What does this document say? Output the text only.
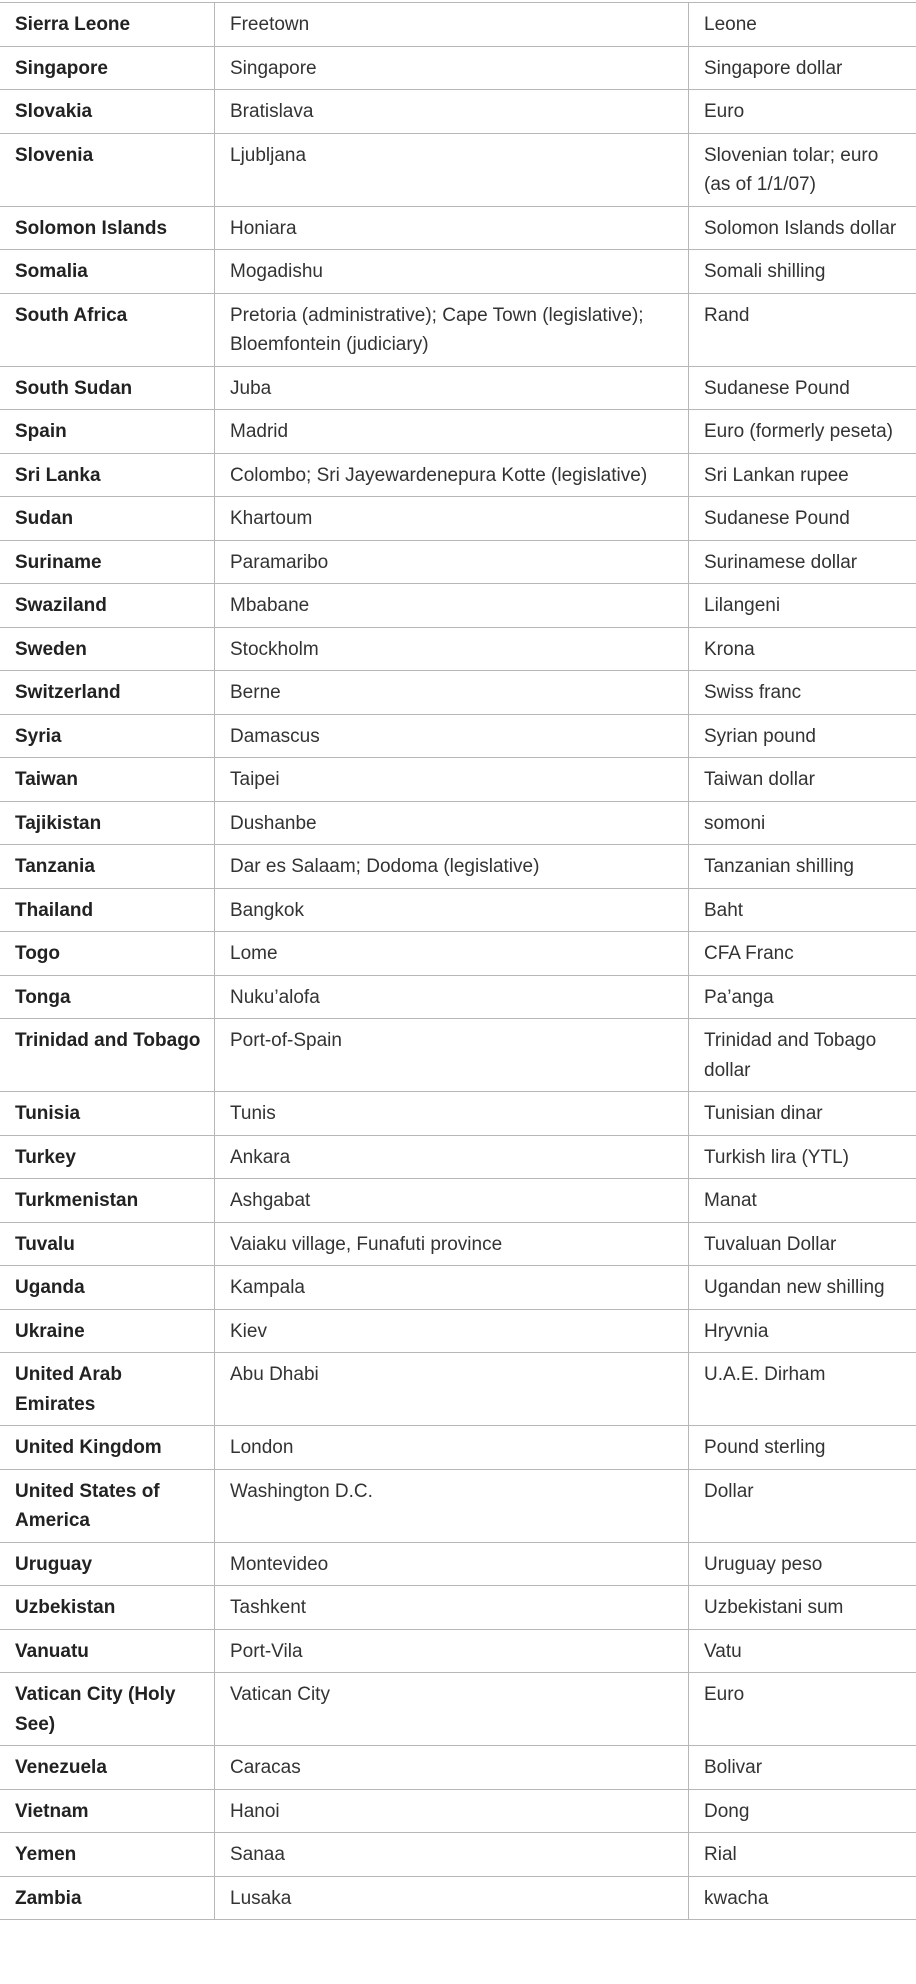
Sierra Leone	Freetown	Leone
Singapore	Singapore	Singapore dollar
Slovakia	Bratislava	Euro
Slovenia	Ljubljana	Slovenian tolar; euro (as of 1/1/07)
Solomon Islands	Honiara	Solomon Islands dollar
Somalia	Mogadishu	Somali shilling
South Africa	Pretoria (administrative); Cape Town (legislative); Bloemfontein (judiciary)	Rand
South Sudan	Juba	Sudanese Pound
Spain	Madrid	Euro (formerly peseta)
Sri Lanka	Colombo; Sri Jayewardenepura Kotte (legislative)	Sri Lankan rupee
Sudan	Khartoum	Sudanese Pound
Suriname	Paramaribo	Surinamese dollar
Swaziland	Mbabane	Lilangeni
Sweden	Stockholm	Krona
Switzerland	Berne	Swiss franc
Syria	Damascus	Syrian pound
Taiwan	Taipei	Taiwan dollar
Tajikistan	Dushanbe	somoni
Tanzania	Dar es Salaam; Dodoma (legislative)	Tanzanian shilling
Thailand	Bangkok	Baht
Togo	Lome	CFA Franc
Tonga	Nuku’alofa	Pa’anga
Trinidad and Tobago	Port-of-Spain	Trinidad and Tobago dollar
Tunisia	Tunis	Tunisian dinar
Turkey	Ankara	Turkish lira (YTL)
Turkmenistan	Ashgabat	Manat
Tuvalu	Vaiaku village, Funafuti province	Tuvaluan Dollar
Uganda	Kampala	Ugandan new shilling
Ukraine	Kiev	Hryvnia
United Arab Emirates	Abu Dhabi	U.A.E. Dirham
United Kingdom	London	Pound sterling
United States of America	Washington D.C.	Dollar
Uruguay	Montevideo	Uruguay peso
Uzbekistan	Tashkent	Uzbekistani sum
Vanuatu	Port-Vila	Vatu
Vatican City (Holy See)	Vatican City	Euro
Venezuela	Caracas	Bolivar
Vietnam	Hanoi	Dong
Yemen	Sanaa	Rial
Zambia	Lusaka	kwacha
